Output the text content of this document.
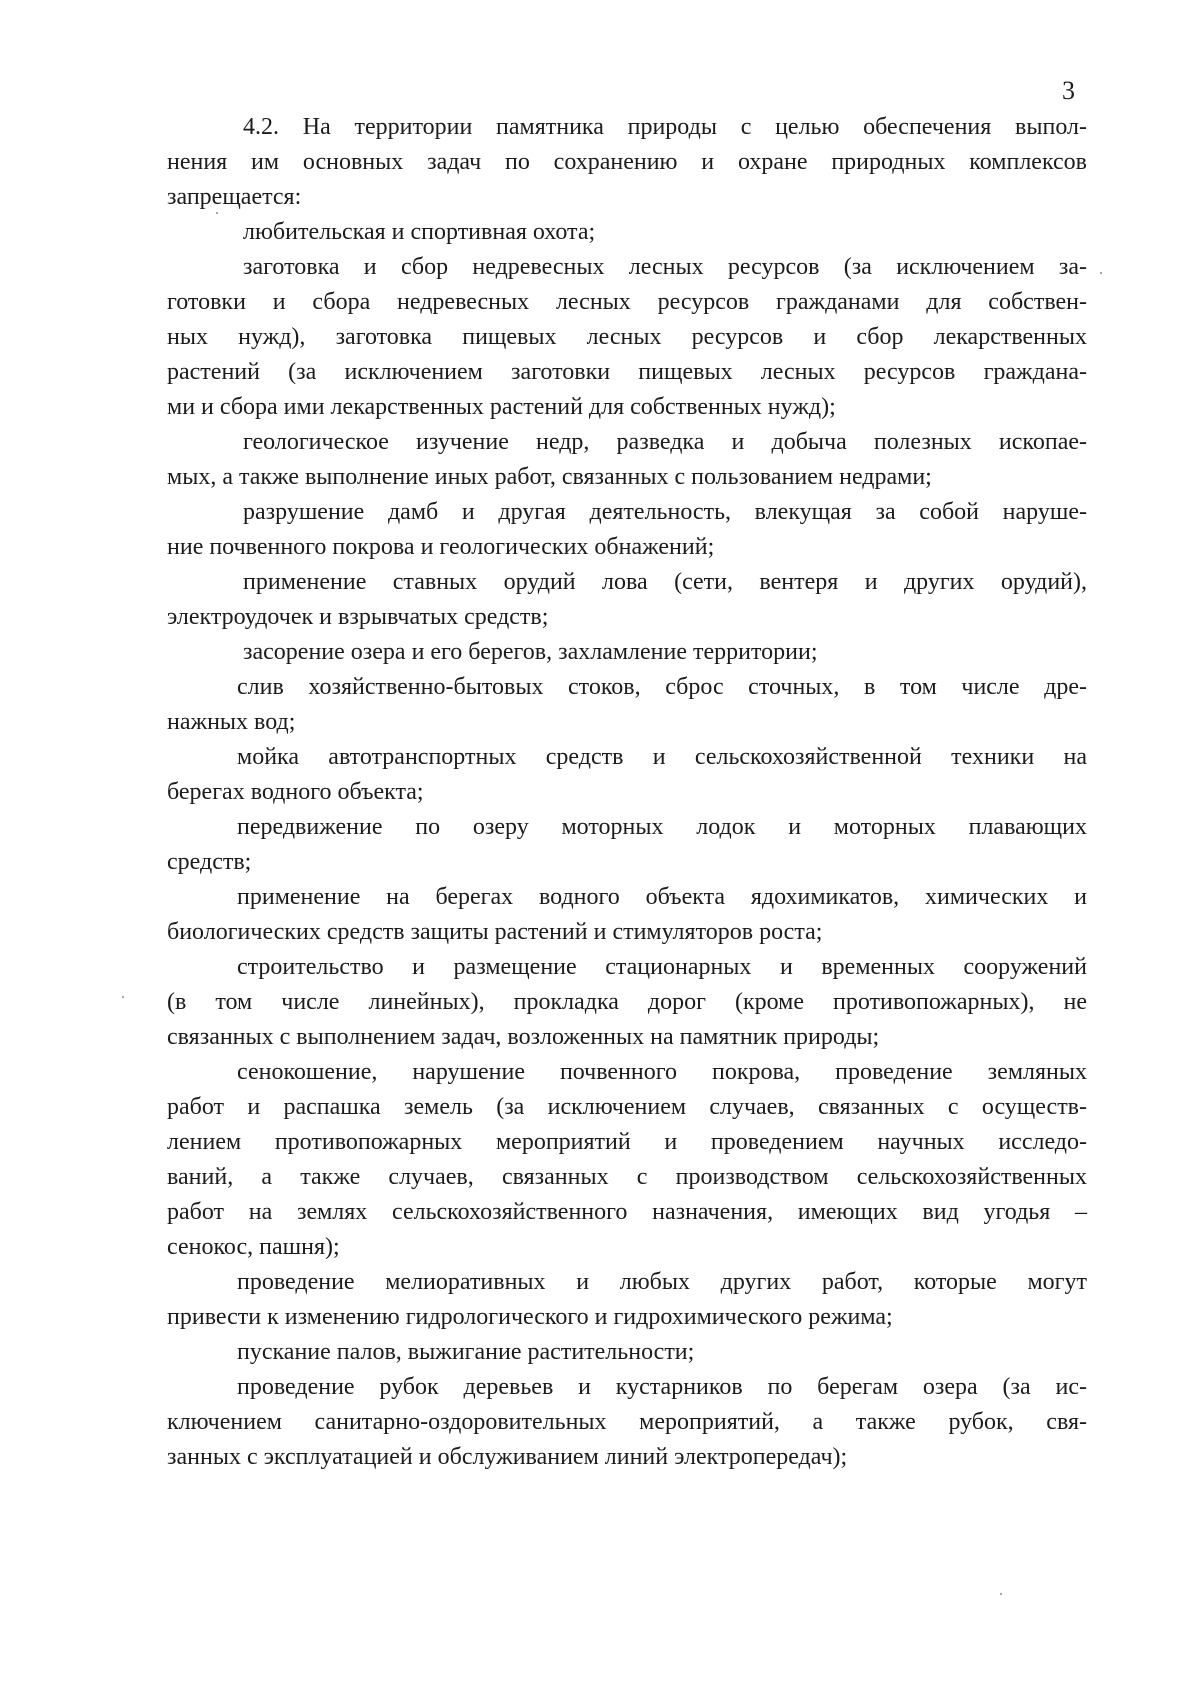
3

4.2. На территории памятника природы с целью обеспечения выпол-
нения им основных задач по сохранению и охране природных комплексов
запрещается:

любительская и спортивная охота;

заготовка и сбор недревесных лесных ресурсов (за исключением за-
готовки и сбора недревесных лесных ресурсов гражданами для собствен-
ных нужд), заготовка пищевых лесных ресурсов и сбор лекарственных
растений (за исключением заготовки пищевых лесных ресурсов граждана-
ми и сбора ими лекарственных растений для собственных нужд);

геологическое изучение недр, разведка и добыча полезных ископае-
мых, а также выполнение иных работ, связанных с пользованием недрами;

разрушение дамб и другая деятельность, влекущая за собой наруше-
ние почвенного покрова и геологических обнажений;

применение ставных орудий лова (сети, вентеря и других орудий),
электроудочек и взрывчатых средств;

засорение озера и его берегов, захламление территории;

слив хозяйственно-бытовых стоков, сброс сточных, в том числе дре-
нажных вод;

мойка автотранспортных средств и сельскохозяйственной техники на
берегах водного объекта;

передвижение по озеру моторных лодок и моторных плавающих
средств;

применение на берегах водного объекта ядохимикатов, химических и
биологических средств защиты растений и стимуляторов роста;

строительство и размещение стационарных и временных сооружений
(в том числе линейных), прокладка дорог (кроме противопожарных), не
связанных с выполнением задач, возложенных на памятник природы;

сенокошение, нарушение почвенного покрова, проведение земляных
работ и распашка земель (за исключением случаев, связанных с осуществ-
лением противопожарных мероприятий и проведением научных исследо-
ваний, а также случаев, связанных с производством сельскохозяйственных
работ на землях сельскохозяйственного назначения, имеющих вид угодья –
сенокос, пашня);

проведение мелиоративных и любых других работ, которые могут
привести к изменению гидрологического и гидрохимического режима;

пускание палов, выжигание растительности;

проведение рубок деревьев и кустарников по берегам озера (за ис-
ключением санитарно-оздоровительных мероприятий, а также рубок, свя-
занных с эксплуатацией и обслуживанием линий электропередач);
